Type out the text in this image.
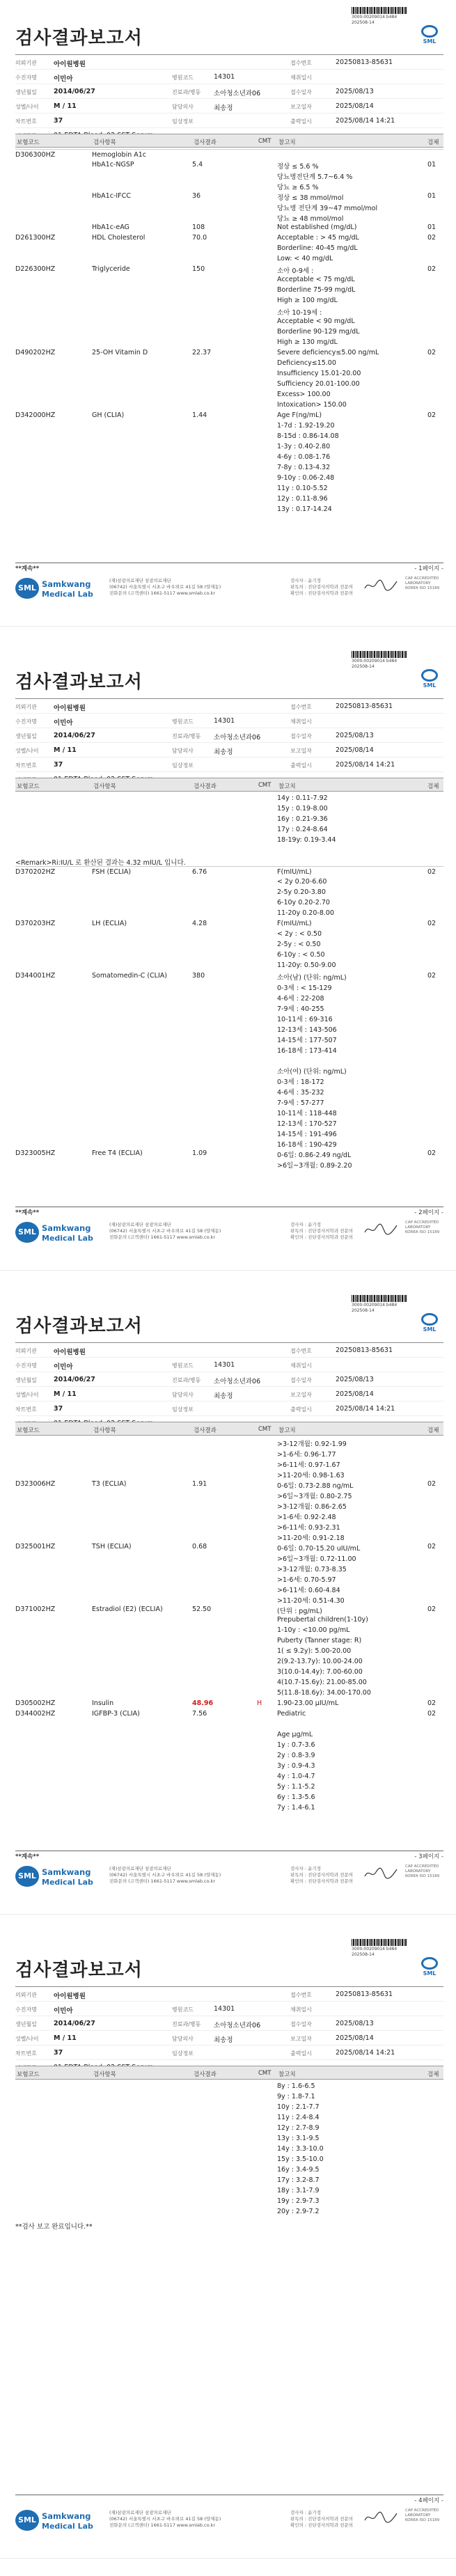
3000-00209014 b484
202508-14
검사결과보고서	SML
의뢰기관	아이원병원	접수번호	20250813-85631
수진자명	이민아	병원코드	14301	채취일시
생년월일	2014/06/27	진료과/병동 소아청소년과06	접수일자	2025/08/13
성별/나이 M / 11	담당의사	최송정	보고일자	2025/08/14
차트번호	37	임상정보	출력일시	2025/08/14 14:21
보험코드	검사항목	검사결과	CMT 참고치	검체
D306300HZ	Hemoglobin A1c
HbA1c-NGSP	5.4	정상 ≤ 5.6 %	01
당뇨병전단계 5.7~6.4 %
당뇨 ≥ 6.5 %
HbA1c-IFCC	36	정상 ≤ 38 mmol/mol	01
당뇨병 전단계 39~47 mmol/mol
당뇨 ≥ 48 mmol/mol
HbA1c-eAG	108	Not established (mg/dL)	01
D261300HZ	HDL Cholesterol	70.0	Acceptable : > 45 mg/dL	02
Borderline: 40-45 mg/dL
Low: < 40 mg/dL
D226300HZ	Triglyceride	150	소아 0-9세 :	02
Acceptable < 75 mg/dL
Borderline 75-99 mg/dL
High ≥ 100 mg/dL
소아 10-19세 :
Acceptable < 90 mg/dL
Borderline 90-129 mg/dL
High ≥ 130 mg/dL
D490202HZ	25-OH Vitamin D	22.37	Severe deficiency≤5.00 ng/mL	02
Deficiency≤15.00
Insufficiency 15.01-20.00
Sufficiency 20.01-100.00
Excess> 100.00
Intoxication> 150.00
D342000HZ	GH (CLIA)	1.44	Age F(ng/mL)	02
1-7d : 1.92-19.20
8-15d : 0.86-14.08
1-3y : 0.40-2.80
4-6y : 0.08-1.76
7-8y : 0.13-4.32
9-10y : 0.06-2.48
11y : 0.10-5.52
12y : 0.11-8.96
13y : 0.17-14.24
**계속**	- 1페이지 -
SML Samkwang
Medical Lab
(재)삼광의료재단 삼광의료재단
(06742) 서울특별시 서초구 바우뫼로 41길 58 (양재동)
전화문의 (고객센터) 1661-5117 www.smlab.co.kr
검사자 : 윤기정
판독의 : 진단검사의학과 전문의
확인의 : 진단검사의학과 전문의
CAP ACCREDITED LABORATORY
KOREA ISO 15189
3000-00209014 b484
202508-14
검사결과보고서	SML
의뢰기관	아이원병원	접수번호	20250813-85631
수진자명	이민아	병원코드	14301	채취일시
생년월일	2014/06/27	진료과/병동 소아청소년과06	접수일자	2025/08/13
성별/나이 M / 11	담당의사	최송정	보고일자	2025/08/14
차트번호	37	임상정보	출력일시	2025/08/14 14:21
보험코드	검사항목	검사결과	CMT 참고치	검체
14y : 0.11-7.92
15y : 0.19-8.00
16y : 0.21-9.36
17y : 0.24-8.64
18-19y: 0.19-3.44
<Remark>Ri:IU/L 로 환산된 결과는 4.32 mIU/L 입니다.
D370202HZ	FSH (ECLIA)	6.76	F(mIU/mL)	02
< 2y 0.20-6.60
2-5y 0.20-3.80
6-10y 0.20-2.70
11-20y 0.20-8.00
D370203HZ	LH (ECLIA)	4.28	F(mIU/mL)	02
< 2y : < 0.50
2-5y : < 0.50
6-10y : < 0.50
11-20y: 0.50-9.00
D344001HZ	Somatomedin-C (CLIA)	380	소아(남) (단위: ng/mL)	02
0-3세 : < 15-129
4-6세 : 22-208
7-9세 : 40-255
10-11세 : 69-316
12-13세 : 143-506
14-15세 : 177-507
16-18세 : 173-414
소아(여) (단위: ng/mL)
0-3세 : 18-172
4-6세 : 35-232
7-9세 : 57-277
10-11세 : 118-448
12-13세 : 170-527
14-15세 : 191-496
16-18세 : 190-429
D323005HZ	Free T4 (ECLIA)	1.09	0-6일: 0.86-2.49 ng/dL	02
>6일~3개월: 0.89-2.20
**계속**	- 2페이지 -
SML Samkwang
Medical Lab
(재)삼광의료재단 삼광의료재단
(06742) 서울특별시 서초구 바우뫼로 41길 58 (양재동)
전화문의 (고객센터) 1661-5117 www.smlab.co.kr
검사자 : 윤기정
판독의 : 진단검사의학과 전문의
확인의 : 진단검사의학과 전문의
CAP ACCREDITED LABORATORY
KOREA ISO 15189
3000-00209014 b484
202508-14
검사결과보고서	SML
의뢰기관	아이원병원	접수번호	20250813-85631
수진자명	이민아	병원코드	14301	채취일시
생년월일	2014/06/27	진료과/병동 소아청소년과06	접수일자	2025/08/13
성별/나이 M / 11	담당의사	최송정	보고일자	2025/08/14
차트번호	37	임상정보	출력일시	2025/08/14 14:21
보험코드	검사항목	검사결과	CMT 참고치	검체
>3-12개월: 0.92-1.99
>1-6세: 0.96-1.77
>6-11세: 0.97-1.67
>11-20세: 0.98-1.63
D323006HZ	T3 (ECLIA)	1.91	0-6일: 0.73-2.88 ng/mL	02
>6일~3개월: 0.80-2.75
>3-12개월: 0.86-2.65
>1-6세: 0.92-2.48
>6-11세: 0.93-2.31
>11-20세: 0.91-2.18
D325001HZ	TSH (ECLIA)	0.68	0-6일: 0.70-15.20 uIU/mL	02
>6일~3개월: 0.72-11.00
>3-12개월: 0.73-8.35
>1-6세: 0.70-5.97
>6-11세: 0.60-4.84
>11-20세: 0.51-4.30
D371002HZ	Estradiol (E2) (ECLIA)	52.50	(단위 : pg/mL)	02
Prepubertal children(1-10y)
1-10y : <10.00 pg/mL
Puberty (Tanner stage: R)
1( ≤ 9.2y): 5.00-20.00
2(9.2-13.7y): 10.00-24.00
3(10.0-14.4y): 7.00-60.00
4(10.7-15.6y): 21.00-85.00
5(11.8-18.6y): 34.00-170.00
D305002HZ	Insulin	48.96	H 1.90-23.00 μIU/mL	02
D344002HZ	IGFBP-3 (CLIA)	7.56	Pediatric	02
Age μg/mL
1y : 0.7-3.6
2y : 0.8-3.9
3y : 0.9-4.3
4y : 1.0-4.7
5y : 1.1-5.2
6y : 1.3-5.6
7y : 1.4-6.1
**계속**	- 3페이지 -
SML Samkwang
Medical Lab
(재)삼광의료재단 삼광의료재단
(06742) 서울특별시 서초구 바우뫼로 41길 58 (양재동)
전화문의 (고객센터) 1661-5117 www.smlab.co.kr
검사자 : 윤기정
판독의 : 진단검사의학과 전문의
확인의 : 진단검사의학과 전문의
CAP ACCREDITED LABORATORY
KOREA ISO 15189
3000-00209014 b484
202508-14
검사결과보고서	SML
의뢰기관	아이원병원	접수번호	20250813-85631
수진자명	이민아	병원코드	14301	채취일시
생년월일	2014/06/27	진료과/병동 소아청소년과06	접수일자	2025/08/13
성별/나이 M / 11	담당의사	최송정	보고일자	2025/08/14
차트번호	37	임상정보	출력일시	2025/08/14 14:21
보험코드	검사항목	검사결과	CMT 참고치	검체
8y : 1.6-6.5
9y : 1.8-7.1
10y : 2.1-7.7
11y : 2.4-8.4
12y : 2.7-8.9
13y : 3.1-9.5
14y : 3.3-10.0
15y : 3.5-10.0
16y : 3.4-9.5
17y : 3.2-8.7
18y : 3.1-7.9
19y : 2.9-7.3
20y : 2.9-7.2
**검사 보고 완료입니다.**
- 4페이지 -
SML Samkwang
Medical Lab
(재)삼광의료재단 삼광의료재단
(06742) 서울특별시 서초구 바우뫼로 41길 58 (양재동)
전화문의 (고객센터) 1661-5117 www.smlab.co.kr
검사자 : 윤기정
판독의 : 진단검사의학과 전문의
확인의 : 진단검사의학과 전문의
CAP ACCREDITED LABORATORY
KOREA ISO 15189
